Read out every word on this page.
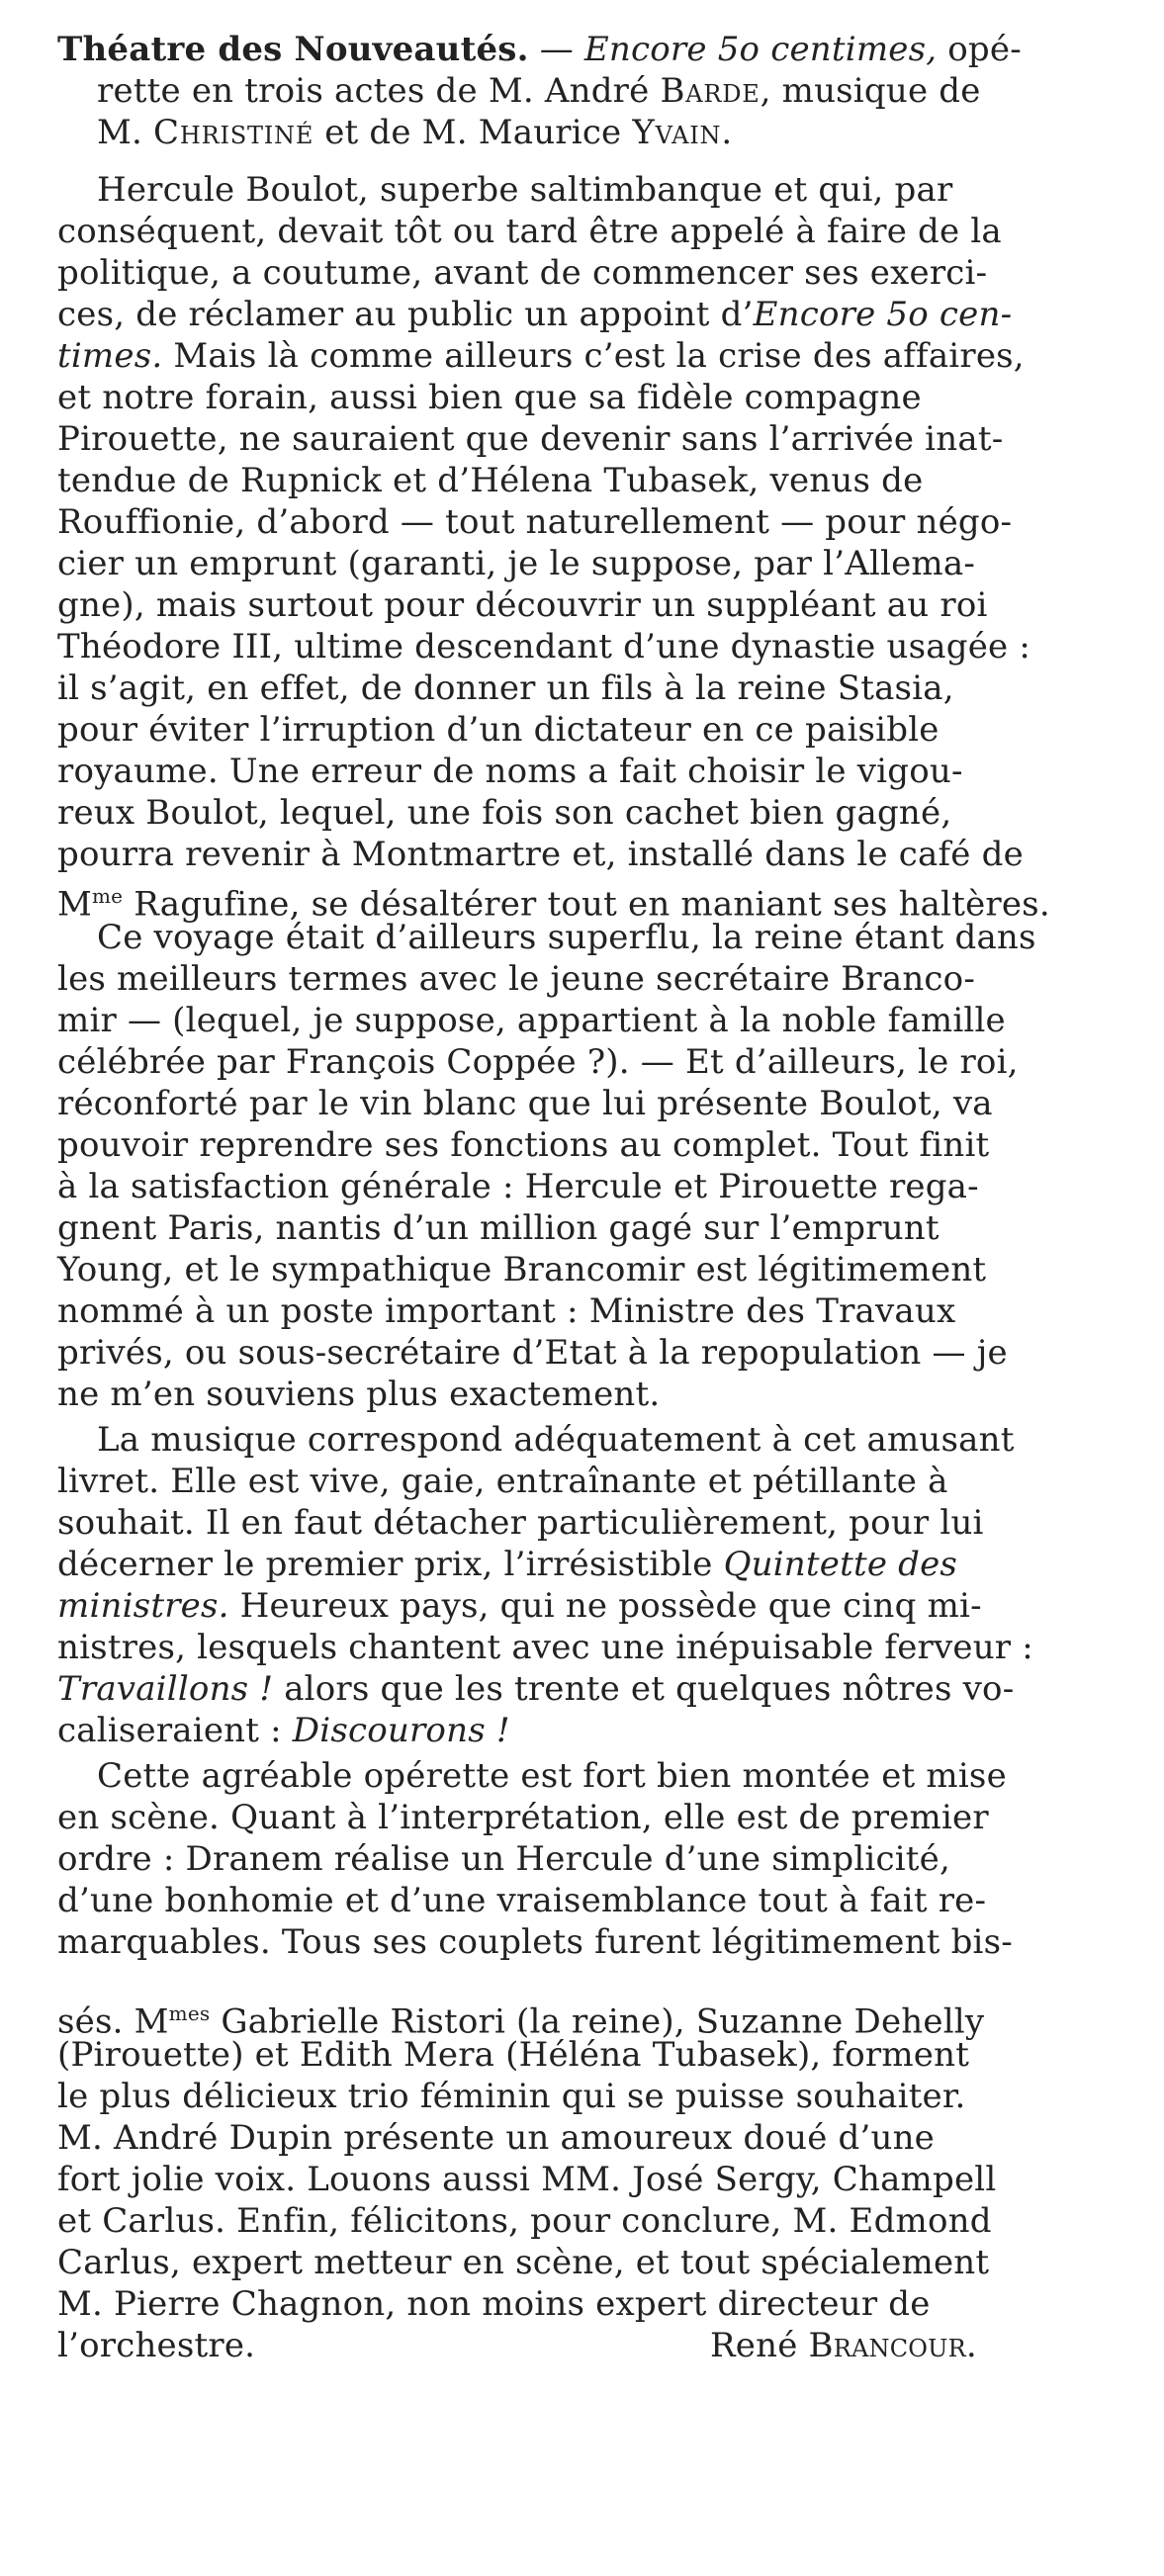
Théatre des Nouveautés. — Encore 5o centimes, opé-
rette en trois actes de M. André Barde, musique de
M. Christiné et de M. Maurice Yvain.
Hercule Boulot, superbe saltimbanque et qui, par
conséquent, devait tôt ou tard être appelé à faire de la
politique, a coutume, avant de commencer ses exerci-
ces, de réclamer au public un appoint d’Encore 5o cen-
times. Mais là comme ailleurs c’est la crise des affaires,
et notre forain, aussi bien que sa fidèle compagne
Pirouette, ne sauraient que devenir sans l’arrivée inat-
tendue de Rupnick et d’Hélena Tubasek, venus de
Rouffionie, d’abord — tout naturellement — pour négo-
cier un emprunt (garanti, je le suppose, par l’Allema-
gne), mais surtout pour découvrir un suppléant au roi
Théodore III, ultime descendant d’une dynastie usagée :
il s’agit, en effet, de donner un fils à la reine Stasia,
pour éviter l’irruption d’un dictateur en ce paisible
royaume. Une erreur de noms a fait choisir le vigou-
reux Boulot, lequel, une fois son cachet bien gagné,
pourra revenir à Montmartre et, installé dans le café de
$M^{me}$ Ragufine, se désaltérer tout en maniant ses haltères.
Ce voyage était d’ailleurs superflu, la reine étant dans
les meilleurs termes avec le jeune secrétaire Branco-
mir — (lequel, je suppose, appartient à la noble famille
célébrée par François Coppée ?). — Et d’ailleurs, le roi,
réconforté par le vin blanc que lui présente Boulot, va
pouvoir reprendre ses fonctions au complet. Tout finit
à la satisfaction générale : Hercule et Pirouette rega-
gnent Paris, nantis d’un million gagé sur l’emprunt
Young, et le sympathique Brancomir est légitimement
nommé à un poste important : Ministre des Travaux
privés, ou sous-secrétaire d’Etat à la repopulation — je
ne m’en souviens plus exactement.
La musique correspond adéquatement à cet amusant
livret. Elle est vive, gaie, entraînante et pétillante à
souhait. Il en faut détacher particulièrement, pour lui
décerner le premier prix, l’irrésistible Quintette des
ministres. Heureux pays, qui ne possède que cinq mi-
nistres, lesquels chantent avec une inépuisable ferveur :
Travaillons ! alors que les trente et quelques nôtres vo-
caliseraient : Discourons !
Cette agréable opérette est fort bien montée et mise
en scène. Quant à l’interprétation, elle est de premier
ordre : Dranem réalise un Hercule d’une simplicité,
d’une bonhomie et d’une vraisemblance tout à fait re-
marquables. Tous ses couplets furent légitimement bis-
sés. $M^{mes}$ Gabrielle Ristori (la reine), Suzanne Dehelly
(Pirouette) et Edith Mera (Héléna Tubasek), forment
le plus délicieux trio féminin qui se puisse souhaiter.
M. André Dupin présente un amoureux doué d’une
fort jolie voix. Louons aussi MM. José Sergy, Champell
et Carlus. Enfin, félicitons, pour conclure, M. Edmond
Carlus, expert metteur en scène, et tout spécialement
M. Pierre Chagnon, non moins expert directeur de
l’orchestre.	René Brancour.
